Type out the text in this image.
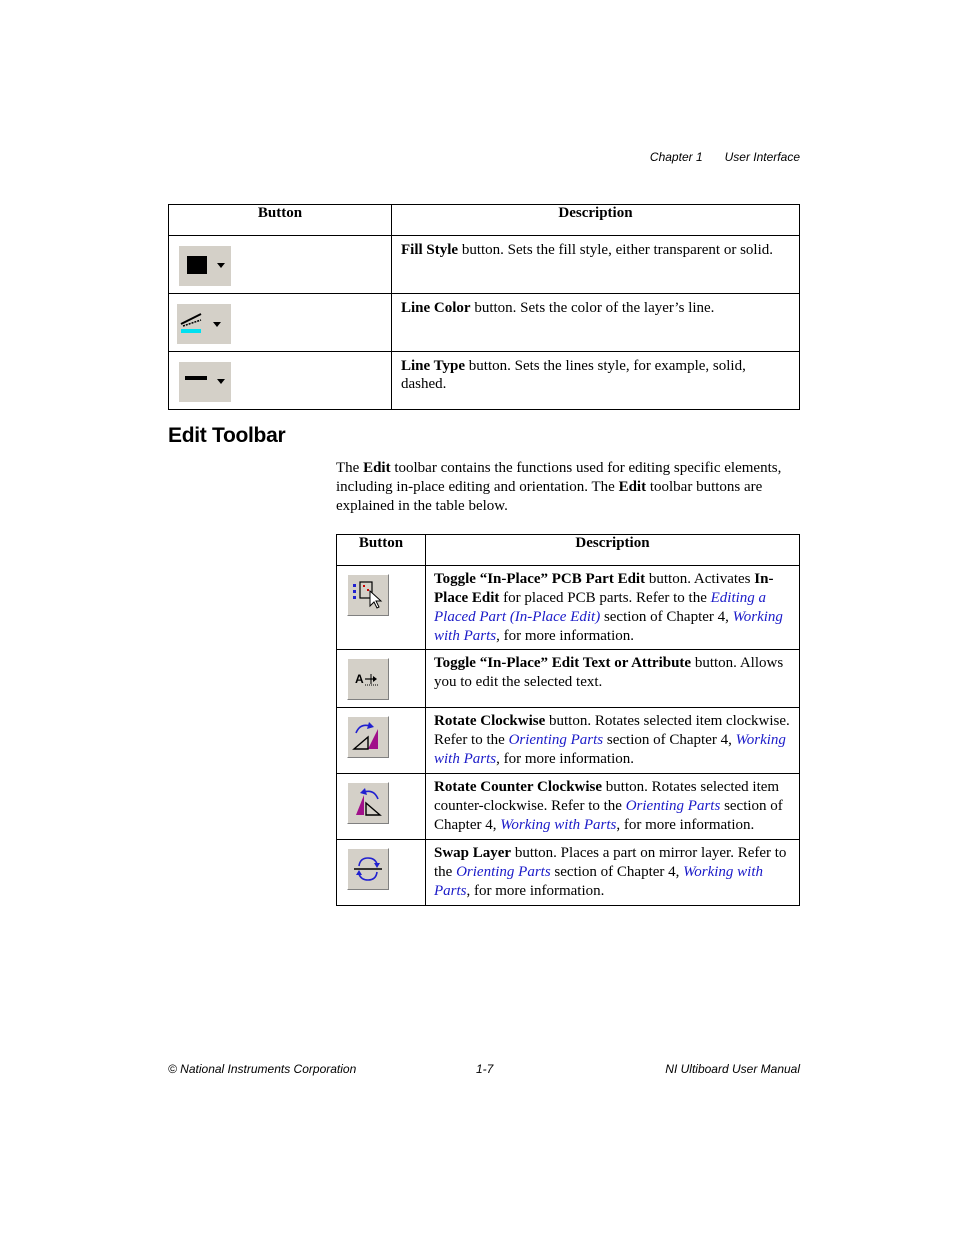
Chapter 1 User Interface
Button	Description

	Fill Style button. Sets the fill style, either transparent or solid.

	Line Color button. Sets the color of the layer’s line.

	Line Type button. Sets the lines style, for example, solid, dashed.
Edit Toolbar

The Edit toolbar contains the functions used for editing specific elements, including in-place editing and orientation. The Edit toolbar buttons are explained in the table below.

Button	Description

	Toggle “In-Place” PCB Part Edit button. Activates In-Place Edit for placed PCB parts. Refer to the Editing a Placed Part (In-Place Edit) section of Chapter 4, Working with Parts, for more information.

A	Toggle “In-Place” Edit Text or Attribute button. Allows you to edit the selected text.

	Rotate Clockwise button. Rotates selected item clockwise. Refer to the Orienting Parts section of Chapter 4, Working with Parts, for more information.

	Rotate Counter Clockwise button. Rotates selected item counter-clockwise. Refer to the Orienting Parts section of Chapter 4, Working with Parts, for more information.

	Swap Layer button. Places a part on mirror layer. Refer to the Orienting Parts section of Chapter 4, Working with Parts, for more information.
© National Instruments Corporation	1-7	NI Ultiboard User Manual
